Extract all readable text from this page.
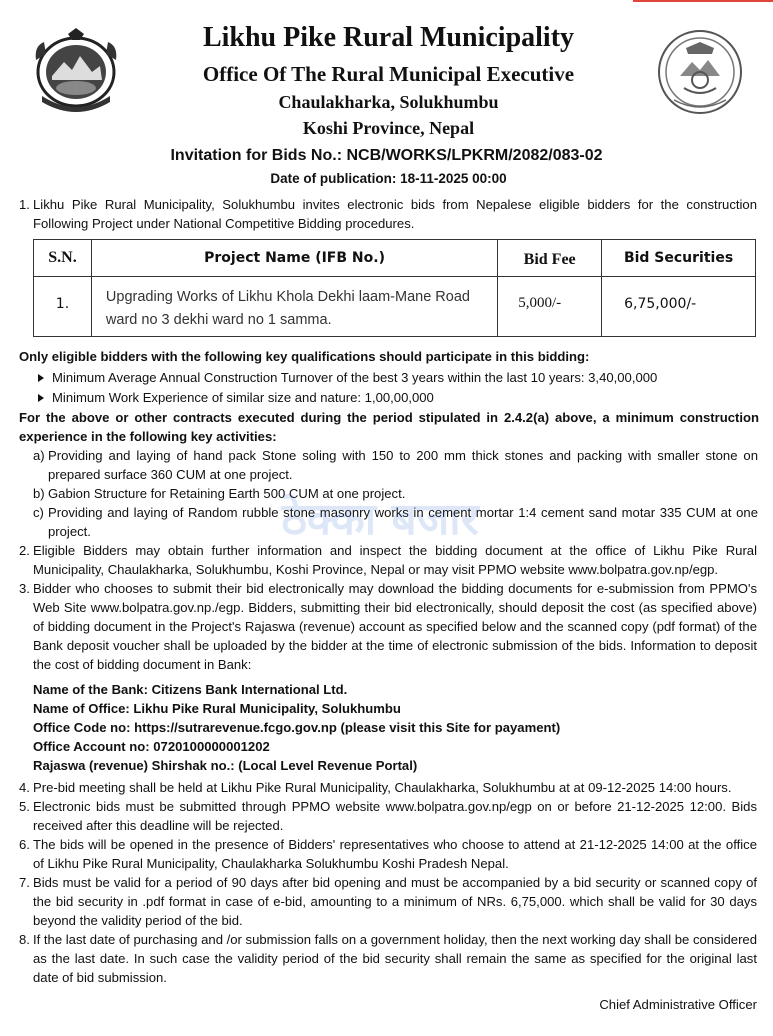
Likhu Pike Rural Municipality
Office Of The Rural Municipal Executive
Chaulakharka, Solukhumbu
Koshi Province, Nepal
Invitation for Bids No.: NCB/WORKS/LPKRM/2082/083-02
Date of publication: 18-11-2025 00:00
1. Likhu Pike Rural Municipality, Solukhumbu invites electronic bids from Nepalese eligible bidders for the construction Following Project under National Competitive Bidding procedures.
S.N.	Project Name (IFB No.)	Bid Fee	Bid Securities
1.	Upgrading Works of Likhu Khola Dekhi laam-Mane Road ward no 3 dekhi ward no 1 samma.	5,000/-	6,75,000/-
Only eligible bidders with the following key qualifications should participate in this bidding:
Minimum Average Annual Construction Turnover of the best 3 years within the last 10 years: 3,40,00,000
Minimum Work Experience of similar size and nature: 1,00,00,000
For the above or other contracts executed during the period stipulated in 2.4.2(a) above, a minimum construction experience in the following key activities:
a) Providing and laying of hand pack Stone soling with 150 to 200 mm thick stones and packing with smaller stone on prepared surface 360 CUM at one project.
b) Gabion Structure for Retaining Earth 500 CUM at one project.
c) Providing and laying of Random rubble stone masonry works in cement mortar 1:4 cement sand motar 335 CUM at one project.	ठेक्का बजार
2. Eligible Bidders may obtain further information and inspect the bidding document at the office of Likhu Pike Rural Municipality, Chaulakharka, Solukhumbu, Koshi Province, Nepal or may visit PPMO website www.bolpatra.gov.np/egp.
3. Bidder who chooses to submit their bid electronically may download the bidding documents for e-submission from PPMO's Web Site www.bolpatra.gov.np./egp. Bidders, submitting their bid electronically, should deposit the cost (as specified above) of bidding document in the Project's Rajaswa (revenue) account as specified below and the scanned copy (pdf format) of the Bank deposit voucher shall be uploaded by the bidder at the time of electronic submission of the bids. Information to deposit the cost of bidding document in Bank:
Name of the Bank: Citizens Bank International Ltd.
Name of Office: Likhu Pike Rural Municipality, Solukhumbu
Office Code no: https://sutrarevenue.fcgo.gov.np (please visit this Site for payament)
Office Account no: 0720100000001202
Rajaswa (revenue) Shirshak no.: (Local Level Revenue Portal)
4. Pre-bid meeting shall be held at Likhu Pike Rural Municipality, Chaulakharka, Solukhumbu at at 09-12-2025 14:00 hours.
5. Electronic bids must be submitted through PPMO website www.bolpatra.gov.np/egp on or before 21-12-2025 12:00. Bids received after this deadline will be rejected.
6. The bids will be opened in the presence of Bidders' representatives who choose to attend at 21-12-2025 14:00 at the office of Likhu Pike Rural Municipality, Chaulakharka Solukhumbu Koshi Pradesh Nepal.
7. Bids must be valid for a period of 90 days after bid opening and must be accompanied by a bid security or scanned copy of the bid security in .pdf format in case of e-bid, amounting to a minimum of NRs. 6,75,000. which shall be valid for 30 days beyond the validity period of the bid.
8. If the last date of purchasing and /or submission falls on a government holiday, then the next working day shall be considered as the last date. In such case the validity period of the bid security shall remain the same as specified for the original last date of bid submission.
Chief Administrative Officer
